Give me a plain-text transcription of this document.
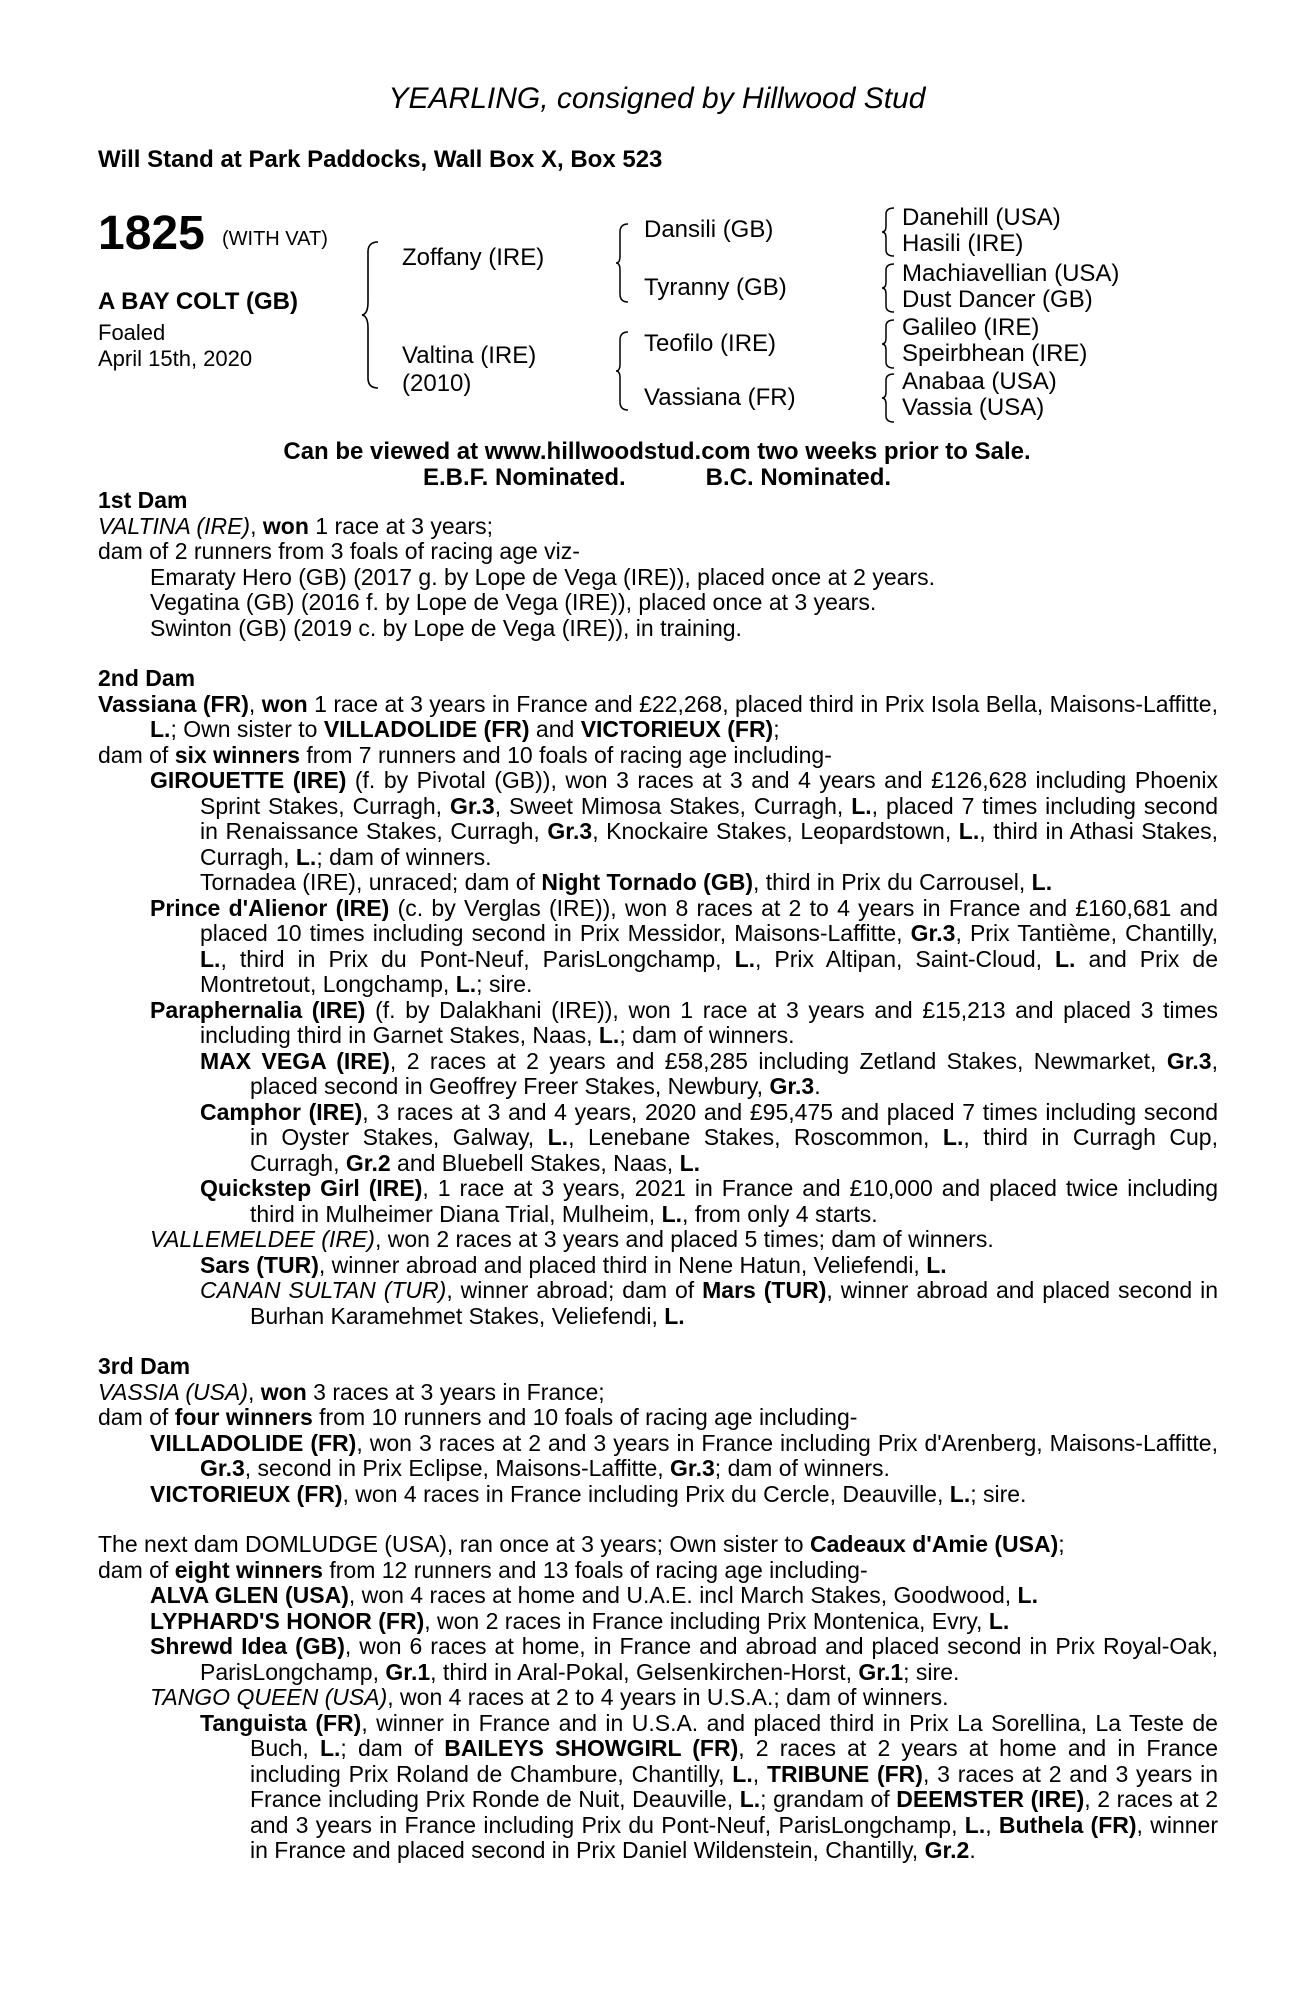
YEARLING, consigned by Hillwood Stud
Will Stand at Park Paddocks, Wall Box X, Box 523
1825 (WITH VAT)
A BAY COLT (GB)
Foaled
April 15th, 2020
Zoffany (IRE)
Valtina (IRE)
(2010)
Dansili (GB)
Tyranny (GB)
Teofilo (IRE)
Vassiana (FR)
Danehill (USA)
Hasili (IRE)
Machiavellian (USA)
Dust Dancer (GB)
Galileo (IRE)
Speirbhean (IRE)
Anabaa (USA)
Vassia (USA)
Can be viewed at www.hillwoodstud.com two weeks prior to Sale.
E.B.F. Nominated.	B.C. Nominated.

1st Dam

VALTINA (IRE), won 1 race at 3 years;

dam of 2 runners from 3 foals of racing age viz-

Emaraty Hero (GB) (2017 g. by Lope de Vega (IRE)), placed once at 2 years.

Vegatina (GB) (2016 f. by Lope de Vega (IRE)), placed once at 3 years.

Swinton (GB) (2019 c. by Lope de Vega (IRE)), in training.

2nd Dam

Vassiana (FR), won 1 race at 3 years in France and £22,268, placed third in Prix Isola Bella, Maisons-Laffitte, L.; Own sister to VILLADOLIDE (FR) and VICTORIEUX (FR);

dam of six winners from 7 runners and 10 foals of racing age including-

GIROUETTE (IRE) (f. by Pivotal (GB)), won 3 races at 3 and 4 years and £126,628 including Phoenix Sprint Stakes, Curragh, Gr.3, Sweet Mimosa Stakes, Curragh, L., placed 7 times including second in Renaissance Stakes, Curragh, Gr.3, Knockaire Stakes, Leopardstown, L., third in Athasi Stakes, Curragh, L.; dam of winners.

Tornadea (IRE), unraced; dam of Night Tornado (GB), third in Prix du Carrousel, L.

Prince d'Alienor (IRE) (c. by Verglas (IRE)), won 8 races at 2 to 4 years in France and £160,681 and placed 10 times including second in Prix Messidor, Maisons-Laffitte, Gr.3, Prix Tantième, Chantilly, L., third in Prix du Pont-Neuf, ParisLongchamp, L., Prix Altipan, Saint-Cloud, L. and Prix de Montretout, Longchamp, L.; sire.

Paraphernalia (IRE) (f. by Dalakhani (IRE)), won 1 race at 3 years and £15,213 and placed 3 times including third in Garnet Stakes, Naas, L.; dam of winners.

MAX VEGA (IRE), 2 races at 2 years and £58,285 including Zetland Stakes, Newmarket, Gr.3, placed second in Geoffrey Freer Stakes, Newbury, Gr.3.

Camphor (IRE), 3 races at 3 and 4 years, 2020 and £95,475 and placed 7 times including second in Oyster Stakes, Galway, L., Lenebane Stakes, Roscommon, L., third in Curragh Cup, Curragh, Gr.2 and Bluebell Stakes, Naas, L.

Quickstep Girl (IRE), 1 race at 3 years, 2021 in France and £10,000 and placed twice including third in Mulheimer Diana Trial, Mulheim, L., from only 4 starts.

VALLEMELDEE (IRE), won 2 races at 3 years and placed 5 times; dam of winners.

Sars (TUR), winner abroad and placed third in Nene Hatun, Veliefendi, L.

CANAN SULTAN (TUR), winner abroad; dam of Mars (TUR), winner abroad and placed second in Burhan Karamehmet Stakes, Veliefendi, L.

3rd Dam

VASSIA (USA), won 3 races at 3 years in France;

dam of four winners from 10 runners and 10 foals of racing age including-

VILLADOLIDE (FR), won 3 races at 2 and 3 years in France including Prix d'Arenberg, Maisons-Laffitte, Gr.3, second in Prix Eclipse, Maisons-Laffitte, Gr.3; dam of winners.

VICTORIEUX (FR), won 4 races in France including Prix du Cercle, Deauville, L.; sire.

The next dam DOMLUDGE (USA), ran once at 3 years; Own sister to Cadeaux d'Amie (USA);

dam of eight winners from 12 runners and 13 foals of racing age including-

ALVA GLEN (USA), won 4 races at home and U.A.E. incl March Stakes, Goodwood, L.

LYPHARD'S HONOR (FR), won 2 races in France including Prix Montenica, Evry, L.

Shrewd Idea (GB), won 6 races at home, in France and abroad and placed second in Prix Royal-Oak, ParisLongchamp, Gr.1, third in Aral-Pokal, Gelsenkirchen-Horst, Gr.1; sire.

TANGO QUEEN (USA), won 4 races at 2 to 4 years in U.S.A.; dam of winners.

Tanguista (FR), winner in France and in U.S.A. and placed third in Prix La Sorellina, La Teste de Buch, L.; dam of BAILEYS SHOWGIRL (FR), 2 races at 2 years at home and in France including Prix Roland de Chambure, Chantilly, L., TRIBUNE (FR), 3 races at 2 and 3 years in France including Prix Ronde de Nuit, Deauville, L.; grandam of DEEMSTER (IRE), 2 races at 2 and 3 years in France including Prix du Pont-Neuf, ParisLongchamp, L., Buthela (FR), winner in France and placed second in Prix Daniel Wildenstein, Chantilly, Gr.2.
